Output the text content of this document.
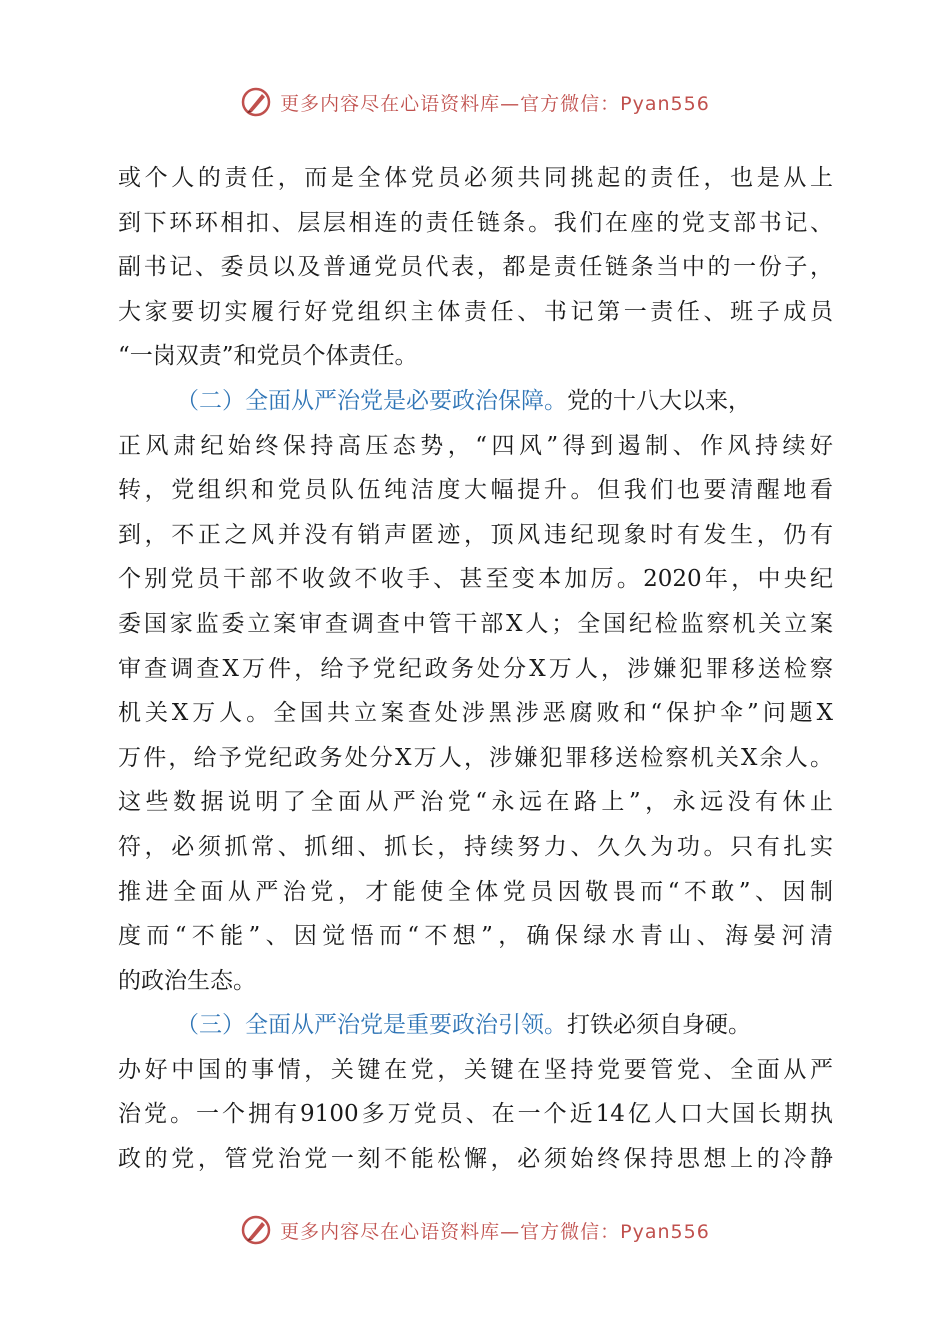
更多内容尽在心语资料库—官方微信：Pyan556
或个人的责任，而是全体党员必须共同挑起的责任，也是从上
到下环环相扣、层层相连的责任链条。我们在座的党支部书记、
副书记、委员以及普通党员代表，都是责任链条当中的一份子，
大家要切实履行好党组织主体责任、书记第一责任、班子成员
“一岗双责”和党员个体责任。
（二）全面从严治党是必要政治保障。党的十八大以来，
正风肃纪始终保持高压态势，“四风”得到遏制、作风持续好
转，党组织和党员队伍纯洁度大幅提升。但我们也要清醒地看
到，不正之风并没有销声匿迹，顶风违纪现象时有发生，仍有
个别党员干部不收敛不收手、甚至变本加厉。2020年，中央纪
委国家监委立案审查调查中管干部X人；全国纪检监察机关立案
审查调查X万件，给予党纪政务处分X万人，涉嫌犯罪移送检察
机关X万人。全国共立案查处涉黑涉恶腐败和“保护伞”问题X
万件，给予党纪政务处分X万人，涉嫌犯罪移送检察机关X余人。
这些数据说明了全面从严治党“永远在路上”，永远没有休止
符，必须抓常、抓细、抓长，持续努力、久久为功。只有扎实
推进全面从严治党，才能使全体党员因敬畏而“不敢”、因制
度而“不能”、因觉悟而“不想”，确保绿水青山、海晏河清
的政治生态。
（三）全面从严治党是重要政治引领。打铁必须自身硬。
办好中国的事情，关键在党，关键在坚持党要管党、全面从严
治党。一个拥有9100多万党员、在一个近14亿人口大国长期执
政的党，管党治党一刻不能松懈，必须始终保持思想上的冷静
更多内容尽在心语资料库—官方微信：Pyan556
